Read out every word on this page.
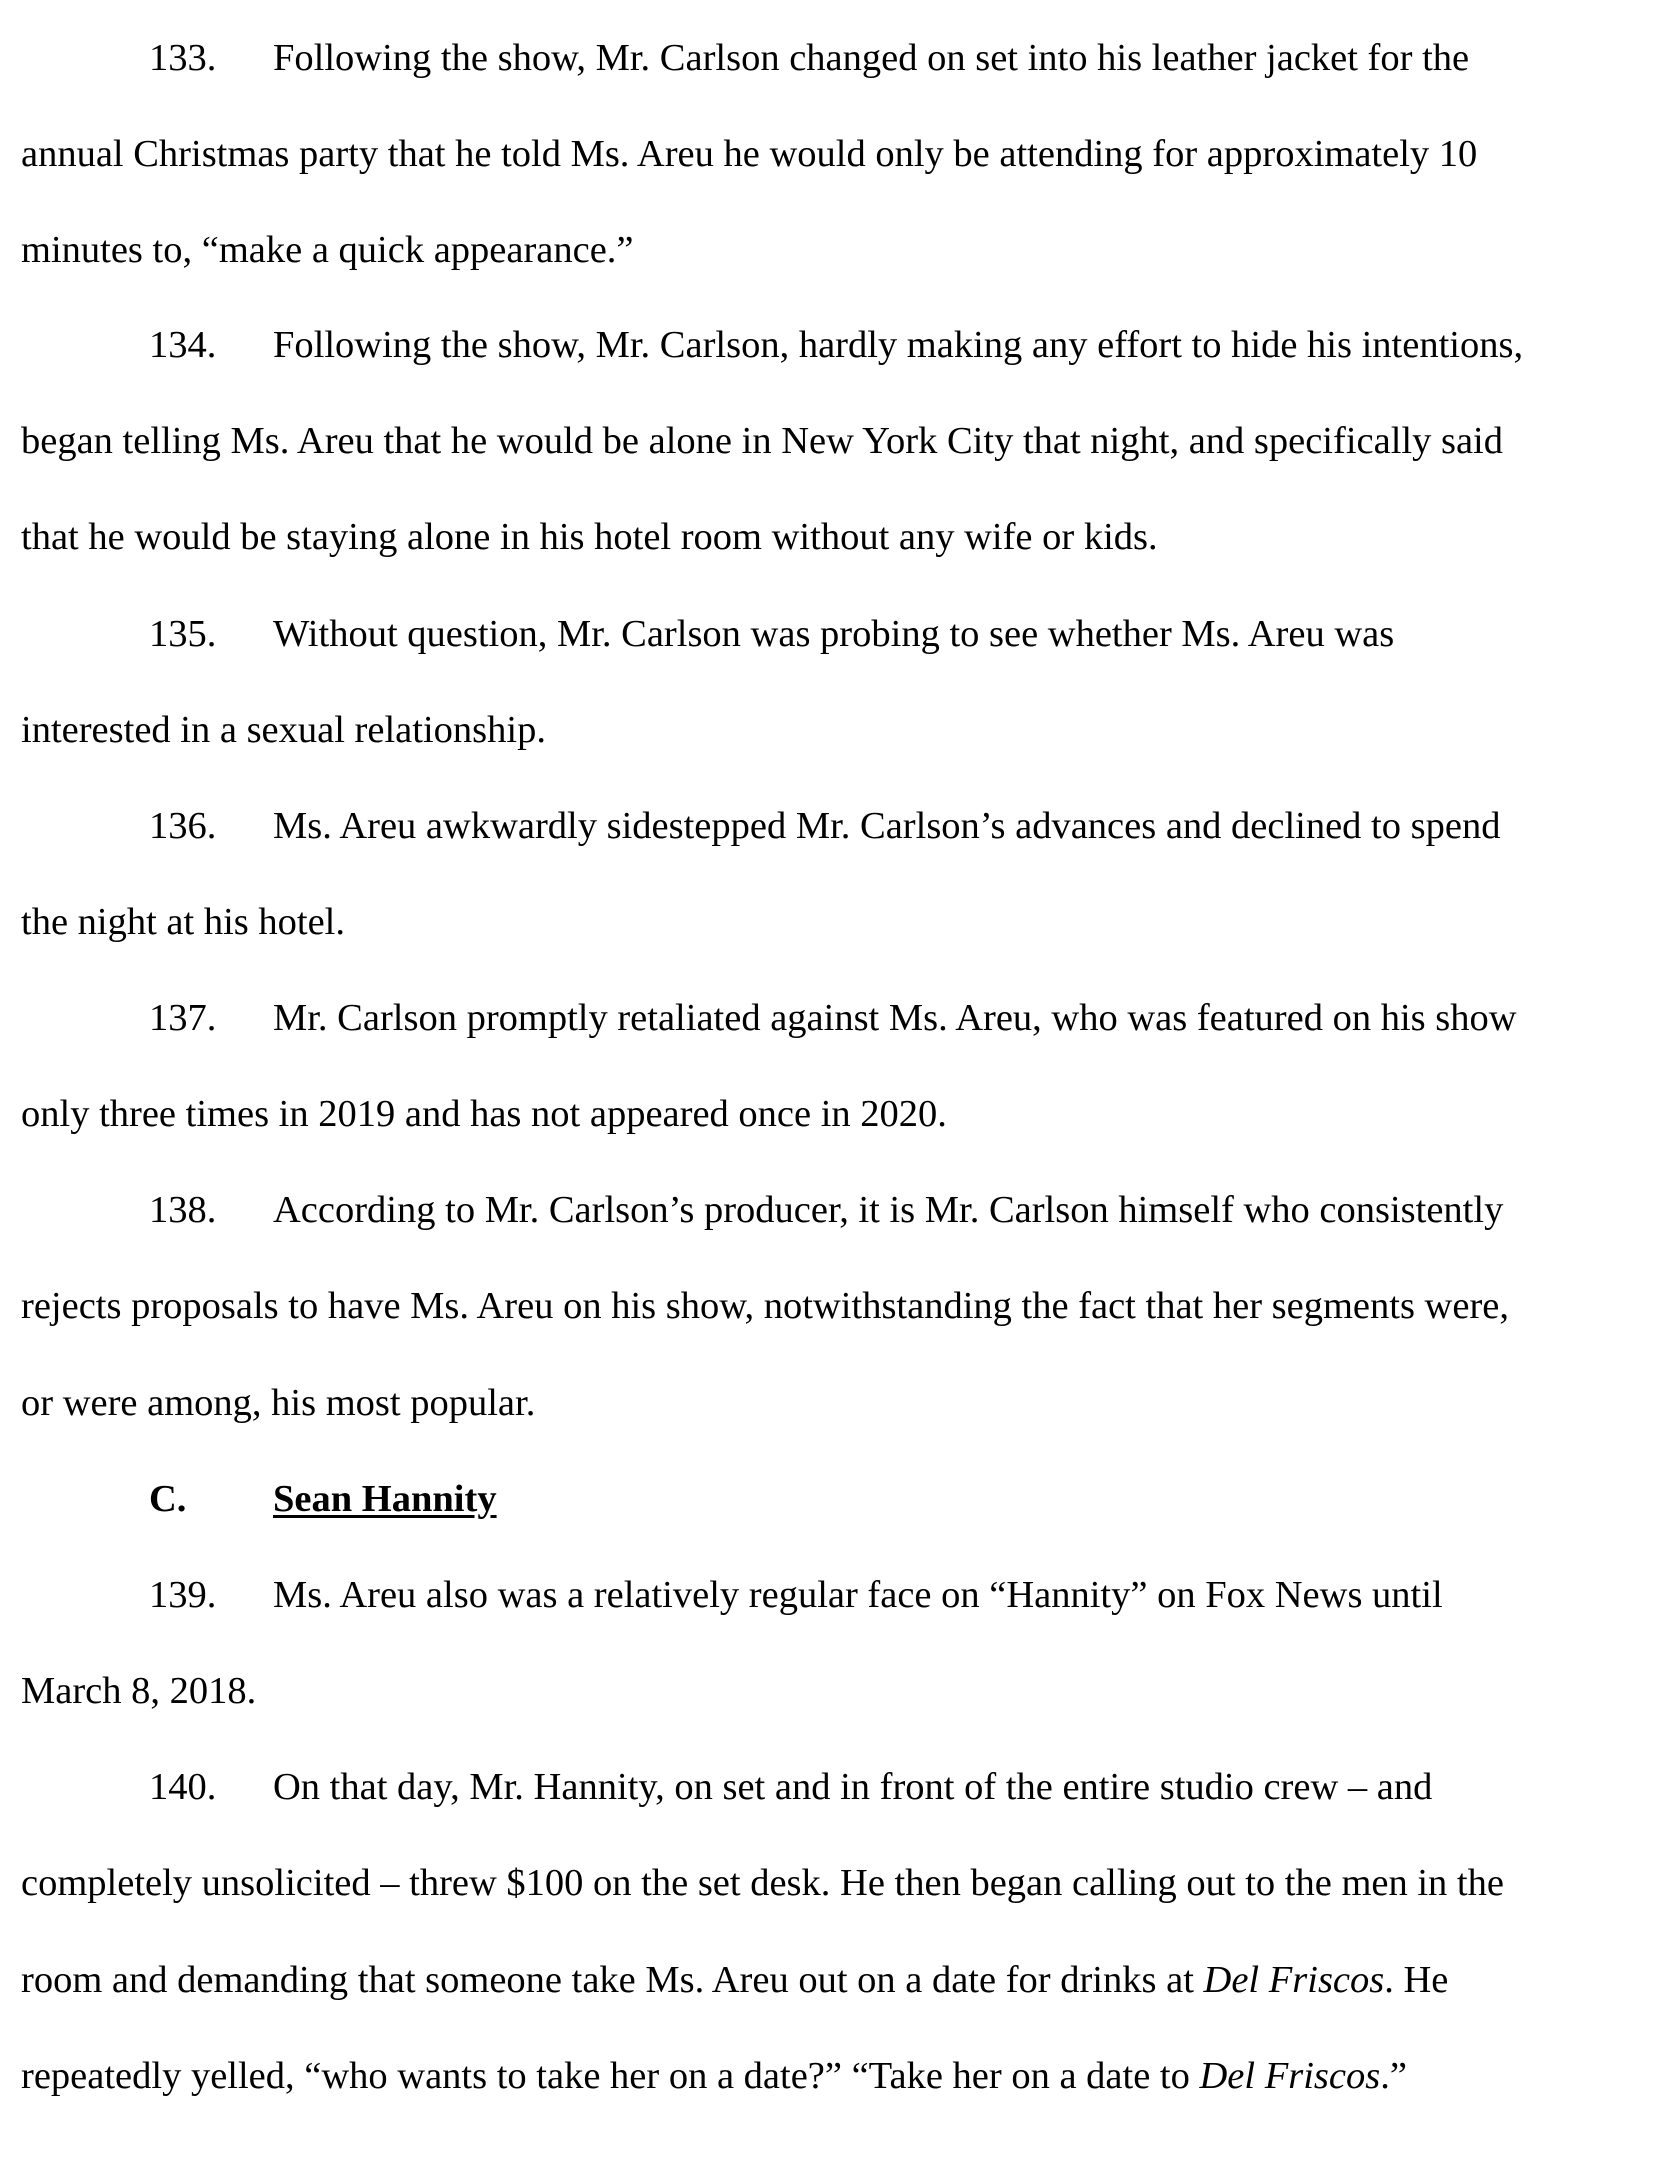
133. Following the show, Mr. Carlson changed on set into his leather jacket for the
annual Christmas party that he told Ms. Areu he would only be attending for approximately 10
minutes to, “make a quick appearance.”
134. Following the show, Mr. Carlson, hardly making any effort to hide his intentions,
began telling Ms. Areu that he would be alone in New York City that night, and specifically said
that he would be staying alone in his hotel room without any wife or kids.
135. Without question, Mr. Carlson was probing to see whether Ms. Areu was
interested in a sexual relationship.
136. Ms. Areu awkwardly sidestepped Mr. Carlson’s advances and declined to spend
the night at his hotel.
137. Mr. Carlson promptly retaliated against Ms. Areu, who was featured on his show
only three times in 2019 and has not appeared once in 2020.
138. According to Mr. Carlson’s producer, it is Mr. Carlson himself who consistently
rejects proposals to have Ms. Areu on his show, notwithstanding the fact that her segments were,
or were among, his most popular.
C. Sean Hannity
139. Ms. Areu also was a relatively regular face on “Hannity” on Fox News until
March 8, 2018.
140. On that day, Mr. Hannity, on set and in front of the entire studio crew – and
completely unsolicited – threw $100 on the set desk. He then began calling out to the men in the
room and demanding that someone take Ms. Areu out on a date for drinks at Del Friscos. He
repeatedly yelled, “who wants to take her on a date?” “Take her on a date to Del Friscos.”
